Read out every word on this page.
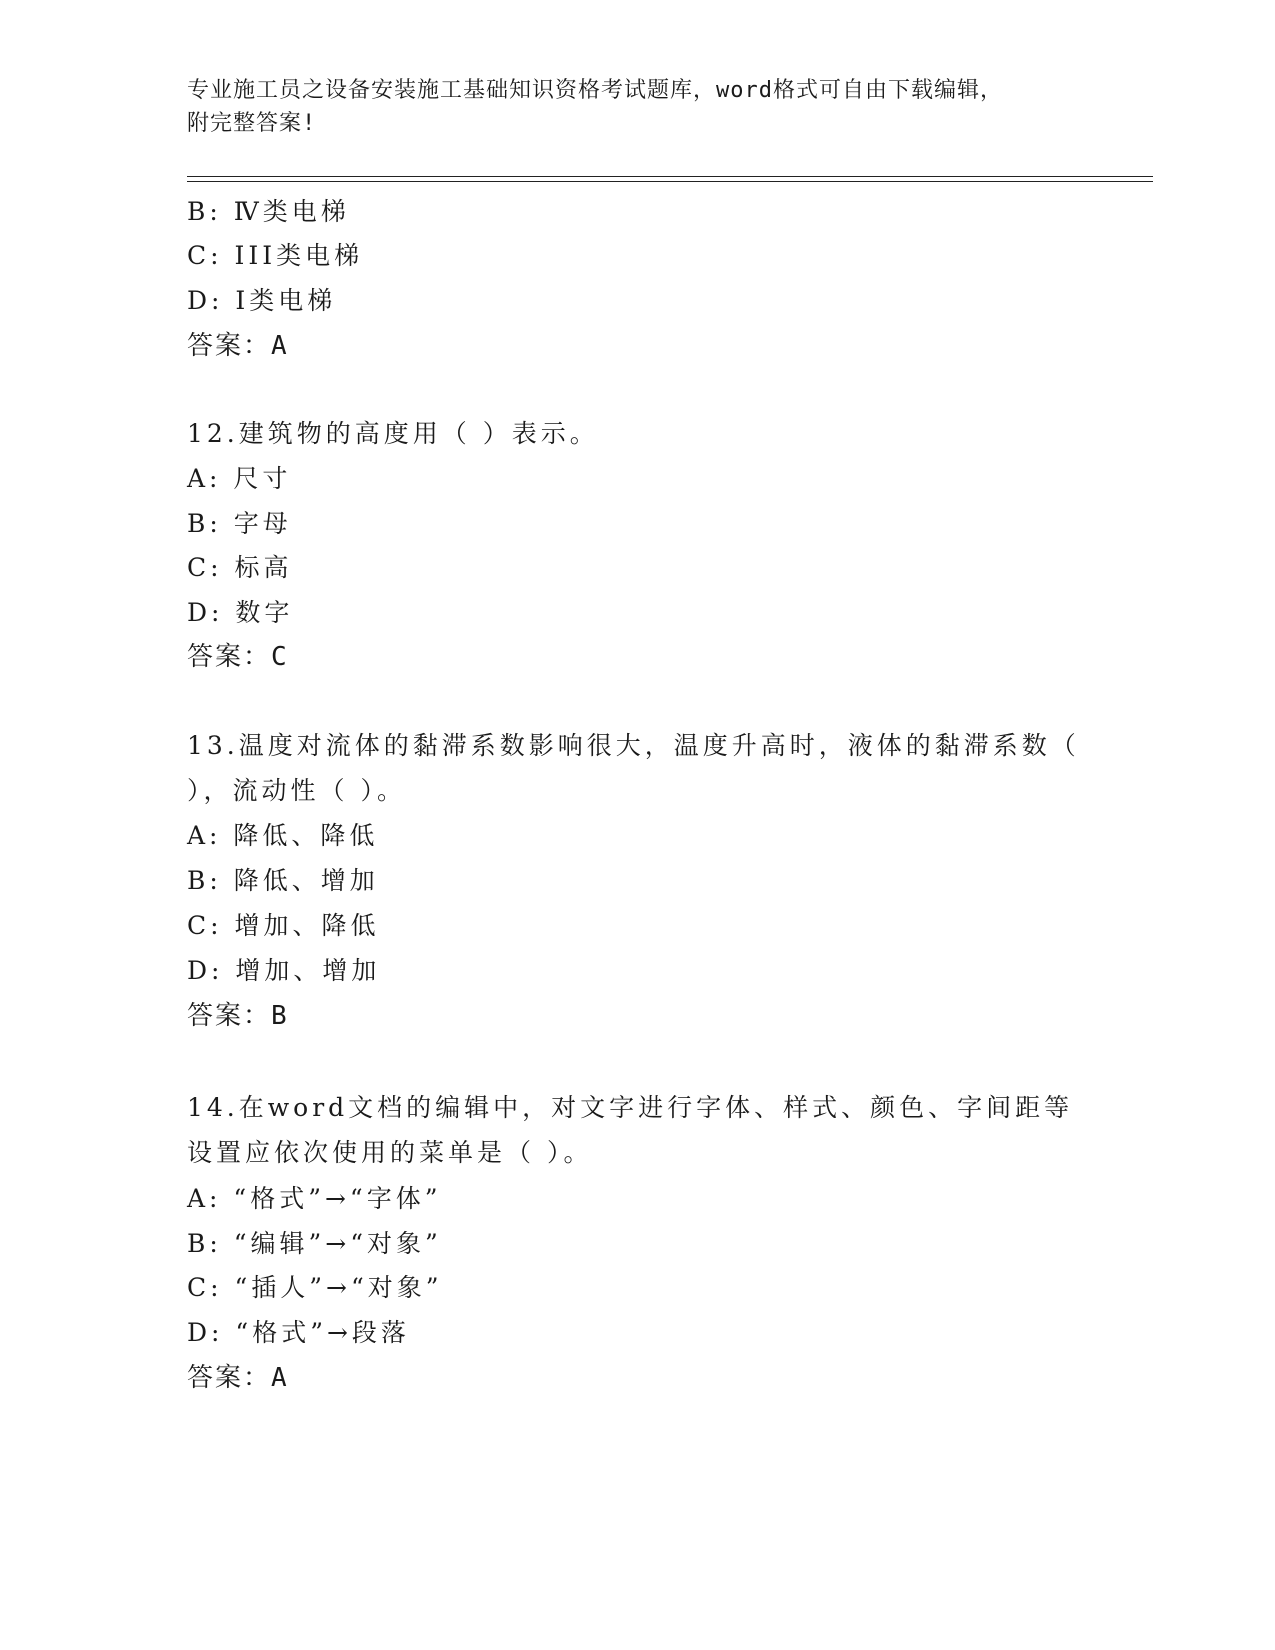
专业施工员之设备安装施工基础知识资格考试题库，word格式可自由下载编辑，
附完整答案!
B: Ⅳ类电梯
C: III类电梯
D: Ⅰ类电梯
答案：A
12.建筑物的高度用（ ）表示。
A: 尺寸
B: 字母
C: 标高
D: 数字
答案：C
13.温度对流体的黏滞系数影响很大，温度升高时，液体的黏滞系数（
），流动性（ ）。
A: 降低、降低
B: 降低、增加
C: 增加、降低
D: 增加、增加
答案：B
14.在word文档的编辑中，对文字进行字体、样式、颜色、字间距等
设置应依次使用的菜单是（ ）。
A: “格式”→“字体”
B: “编辑”→“对象”
C: “插人”→“对象”
D: “格式”→段落
答案：A
